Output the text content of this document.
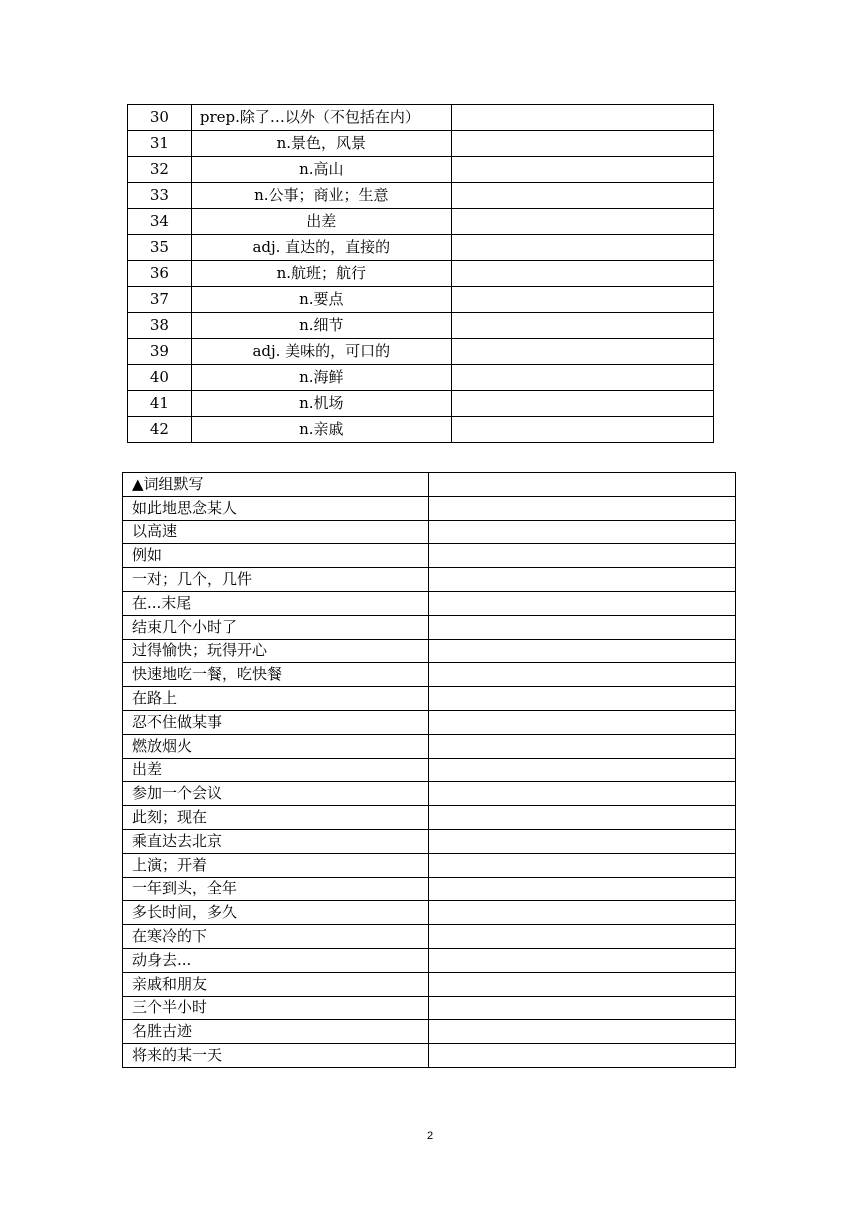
30	prep.除了…以外（不包括在内）	
31	n.景色，风景	
32	n.高山	
33	n.公事；商业；生意	
34	出差	
35	adj. 直达的，直接的	
36	n.航班；航行	
37	n.要点	
38	n.细节	
39	adj. 美味的，可口的	
40	n.海鲜	
41	n.机场	
42	n.亲戚	
▲词组默写	
如此地思念某人	
以高速	
例如	
一对；几个，几件	
在...末尾	
结束几个小时了	
过得愉快；玩得开心	
快速地吃一餐，吃快餐	
在路上	
忍不住做某事	
燃放烟火	
出差	
参加一个会议	
此刻；现在	
乘直达去北京	
上演；开着	
一年到头，全年	
多长时间，多久	
在寒冷的下	
动身去...	
亲戚和朋友	
三个半小时	
名胜古迹	
将来的某一天	
2
